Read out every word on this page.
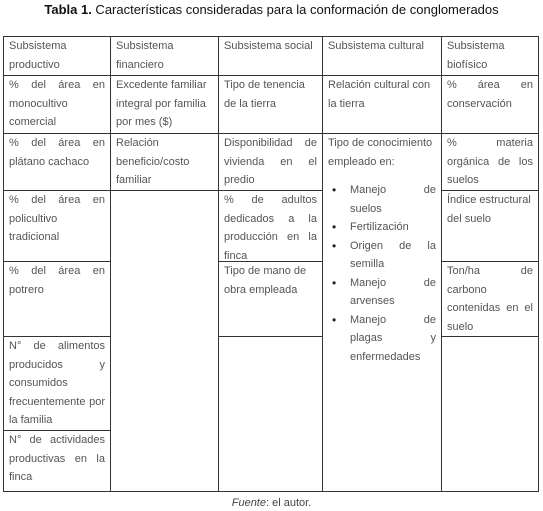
Tabla 1. Características consideradas para la conformación de conglomerados
Subsistema productivo
Subsistema financiero
Subsistema social	Subsistema cultural	Subsistema biofísico
% del área en monocultivo comercial
% del área en plátano cachaco
% del área en policultivo tradicional
% del área en potrero
N° de alimentos producidos y consumidos frecuentemente por la familia
N° de actividades productivas en la finca
Excedente familiar integral por familia por mes ($)
Relación beneficio/costo familiar
Tipo de tenencia de la tierra
Disponibilidad de vivienda en el predio
% de adultos dedicados a la producción en la finca
Tipo de mano de obra empleada
Relación cultural con la tierra
Tipo de conocimiento empleado en:
• Manejo de suelos
• Fertilización
• Origen de la semilla
• Manejo de arvenses
• Manejo de plagas y enfermedades
% área en conservación
% materia orgánica de los suelos
Índice estructural del suelo
Ton/ha de carbono contenidas en el suelo
Fuente: el autor.
